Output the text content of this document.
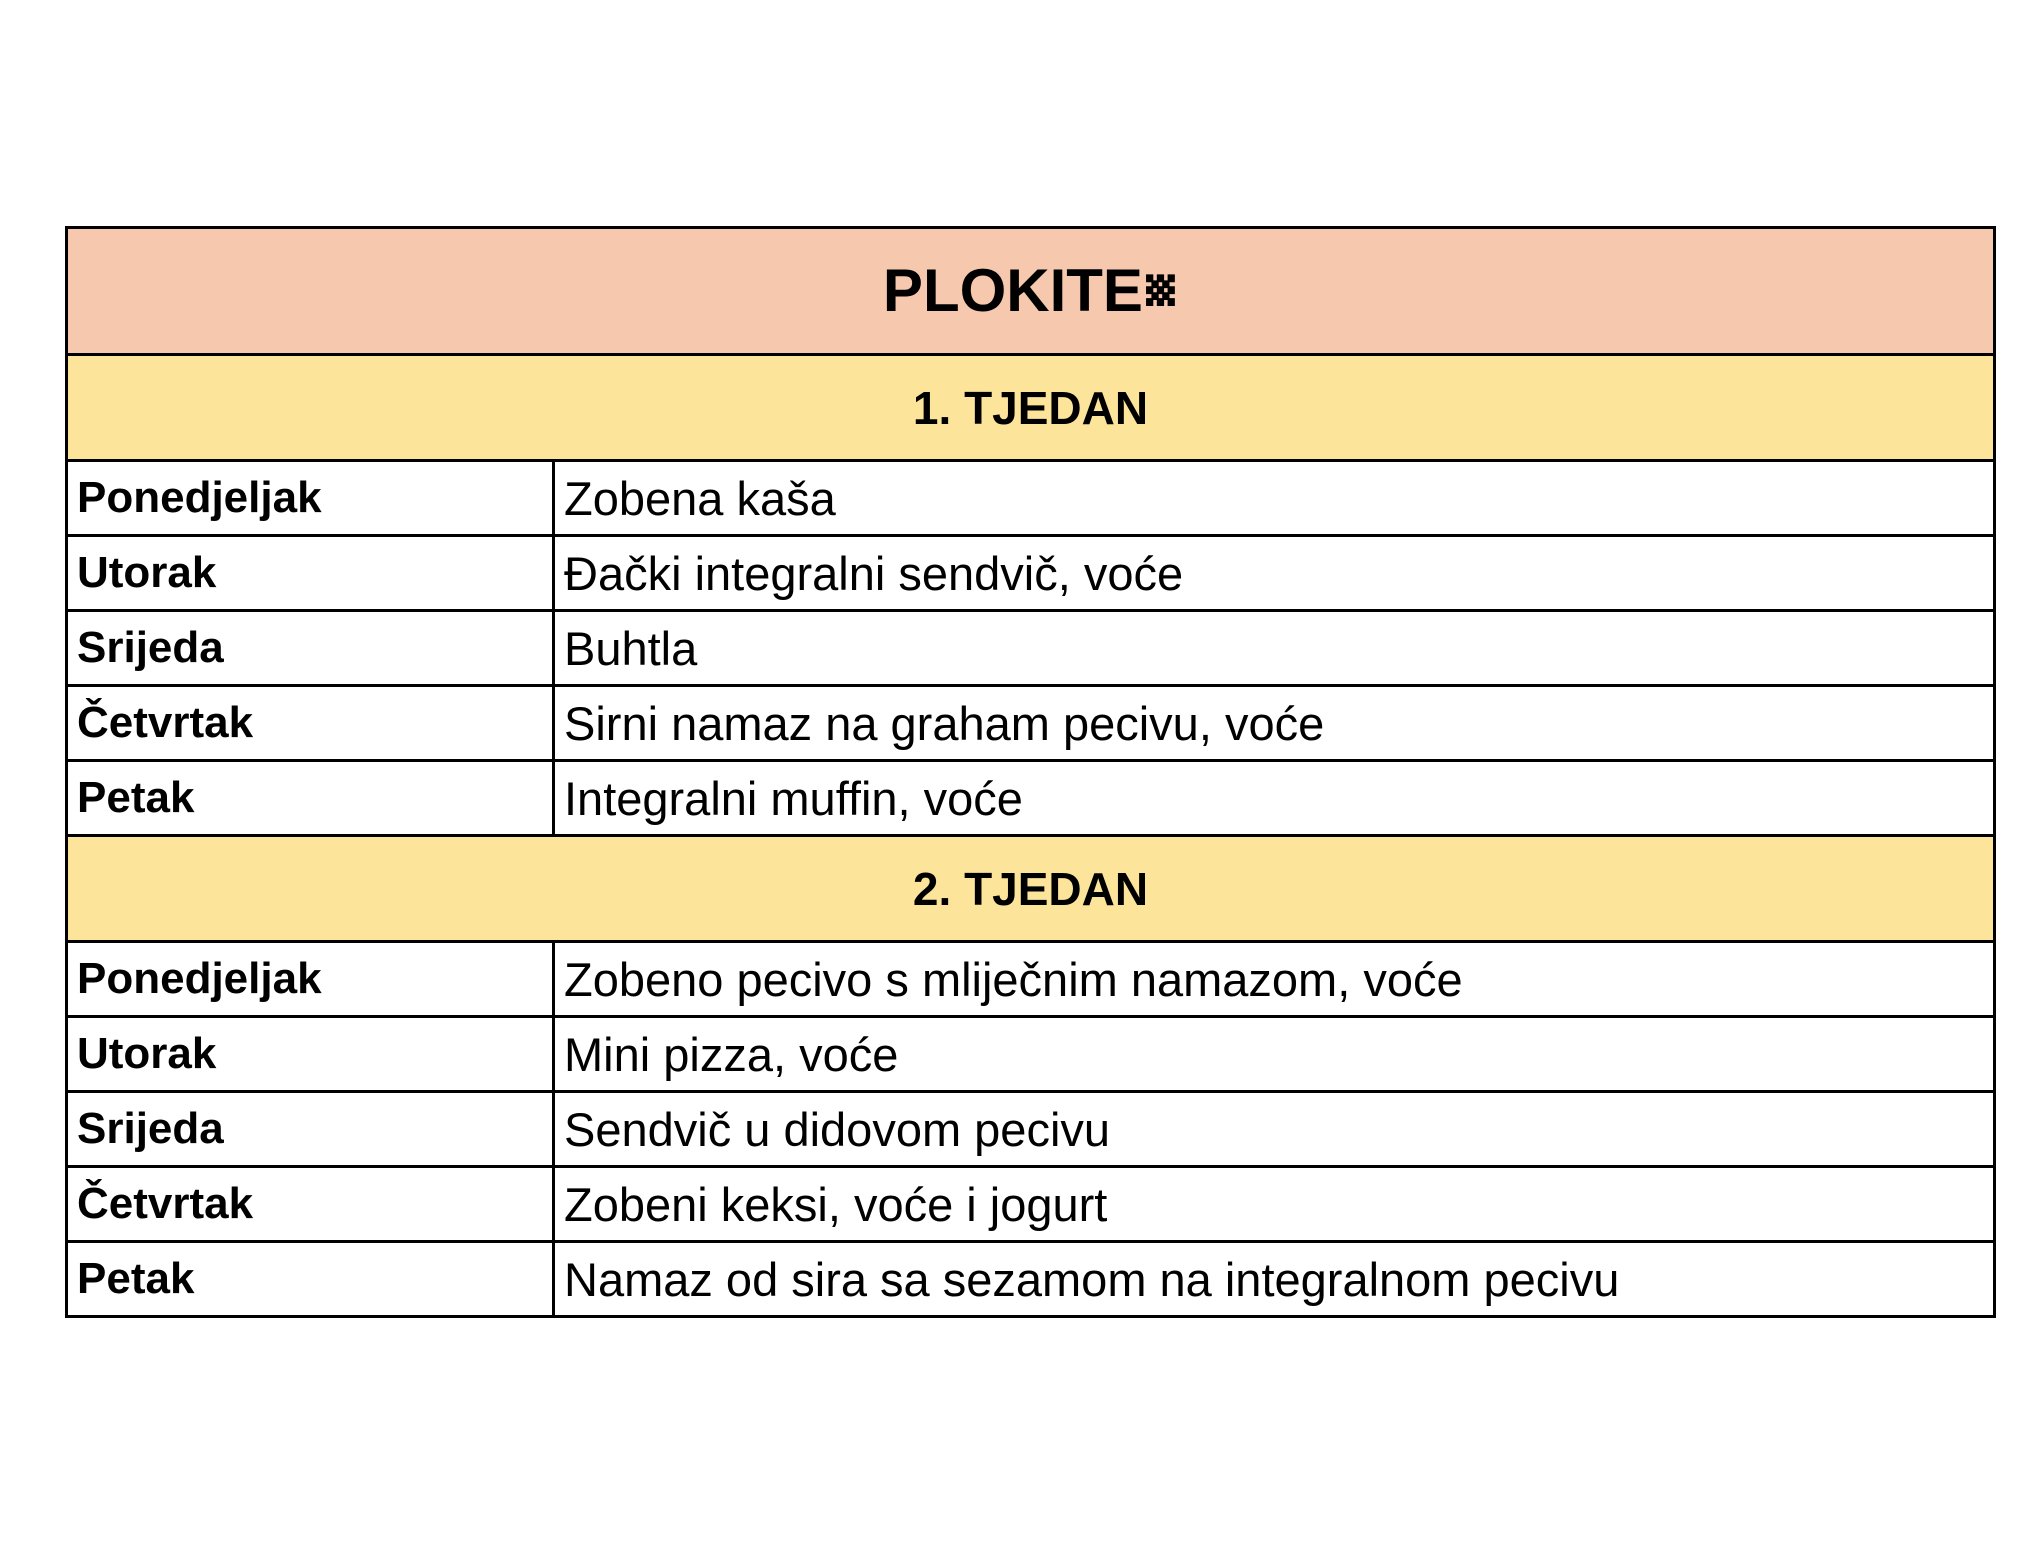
PLOKITE␧	
1. TJEDAN	
Ponedjeljak	Zobena kaša
Utorak	Đački integralni sendvič, voće
Srijeda	Buhtla
Četvrtak	Sirni namaz na graham pecivu, voće
Petak	Integralni muffin, voće
2. TJEDAN	
Ponedjeljak	Zobeno pecivo s mliječnim namazom, voće
Utorak	Mini pizza, voće
Srijeda	Sendvič u didovom pecivu
Četvrtak	Zobeni keksi, voće i jogurt
Petak	Namaz od sira sa sezamom na integralnom pecivu
